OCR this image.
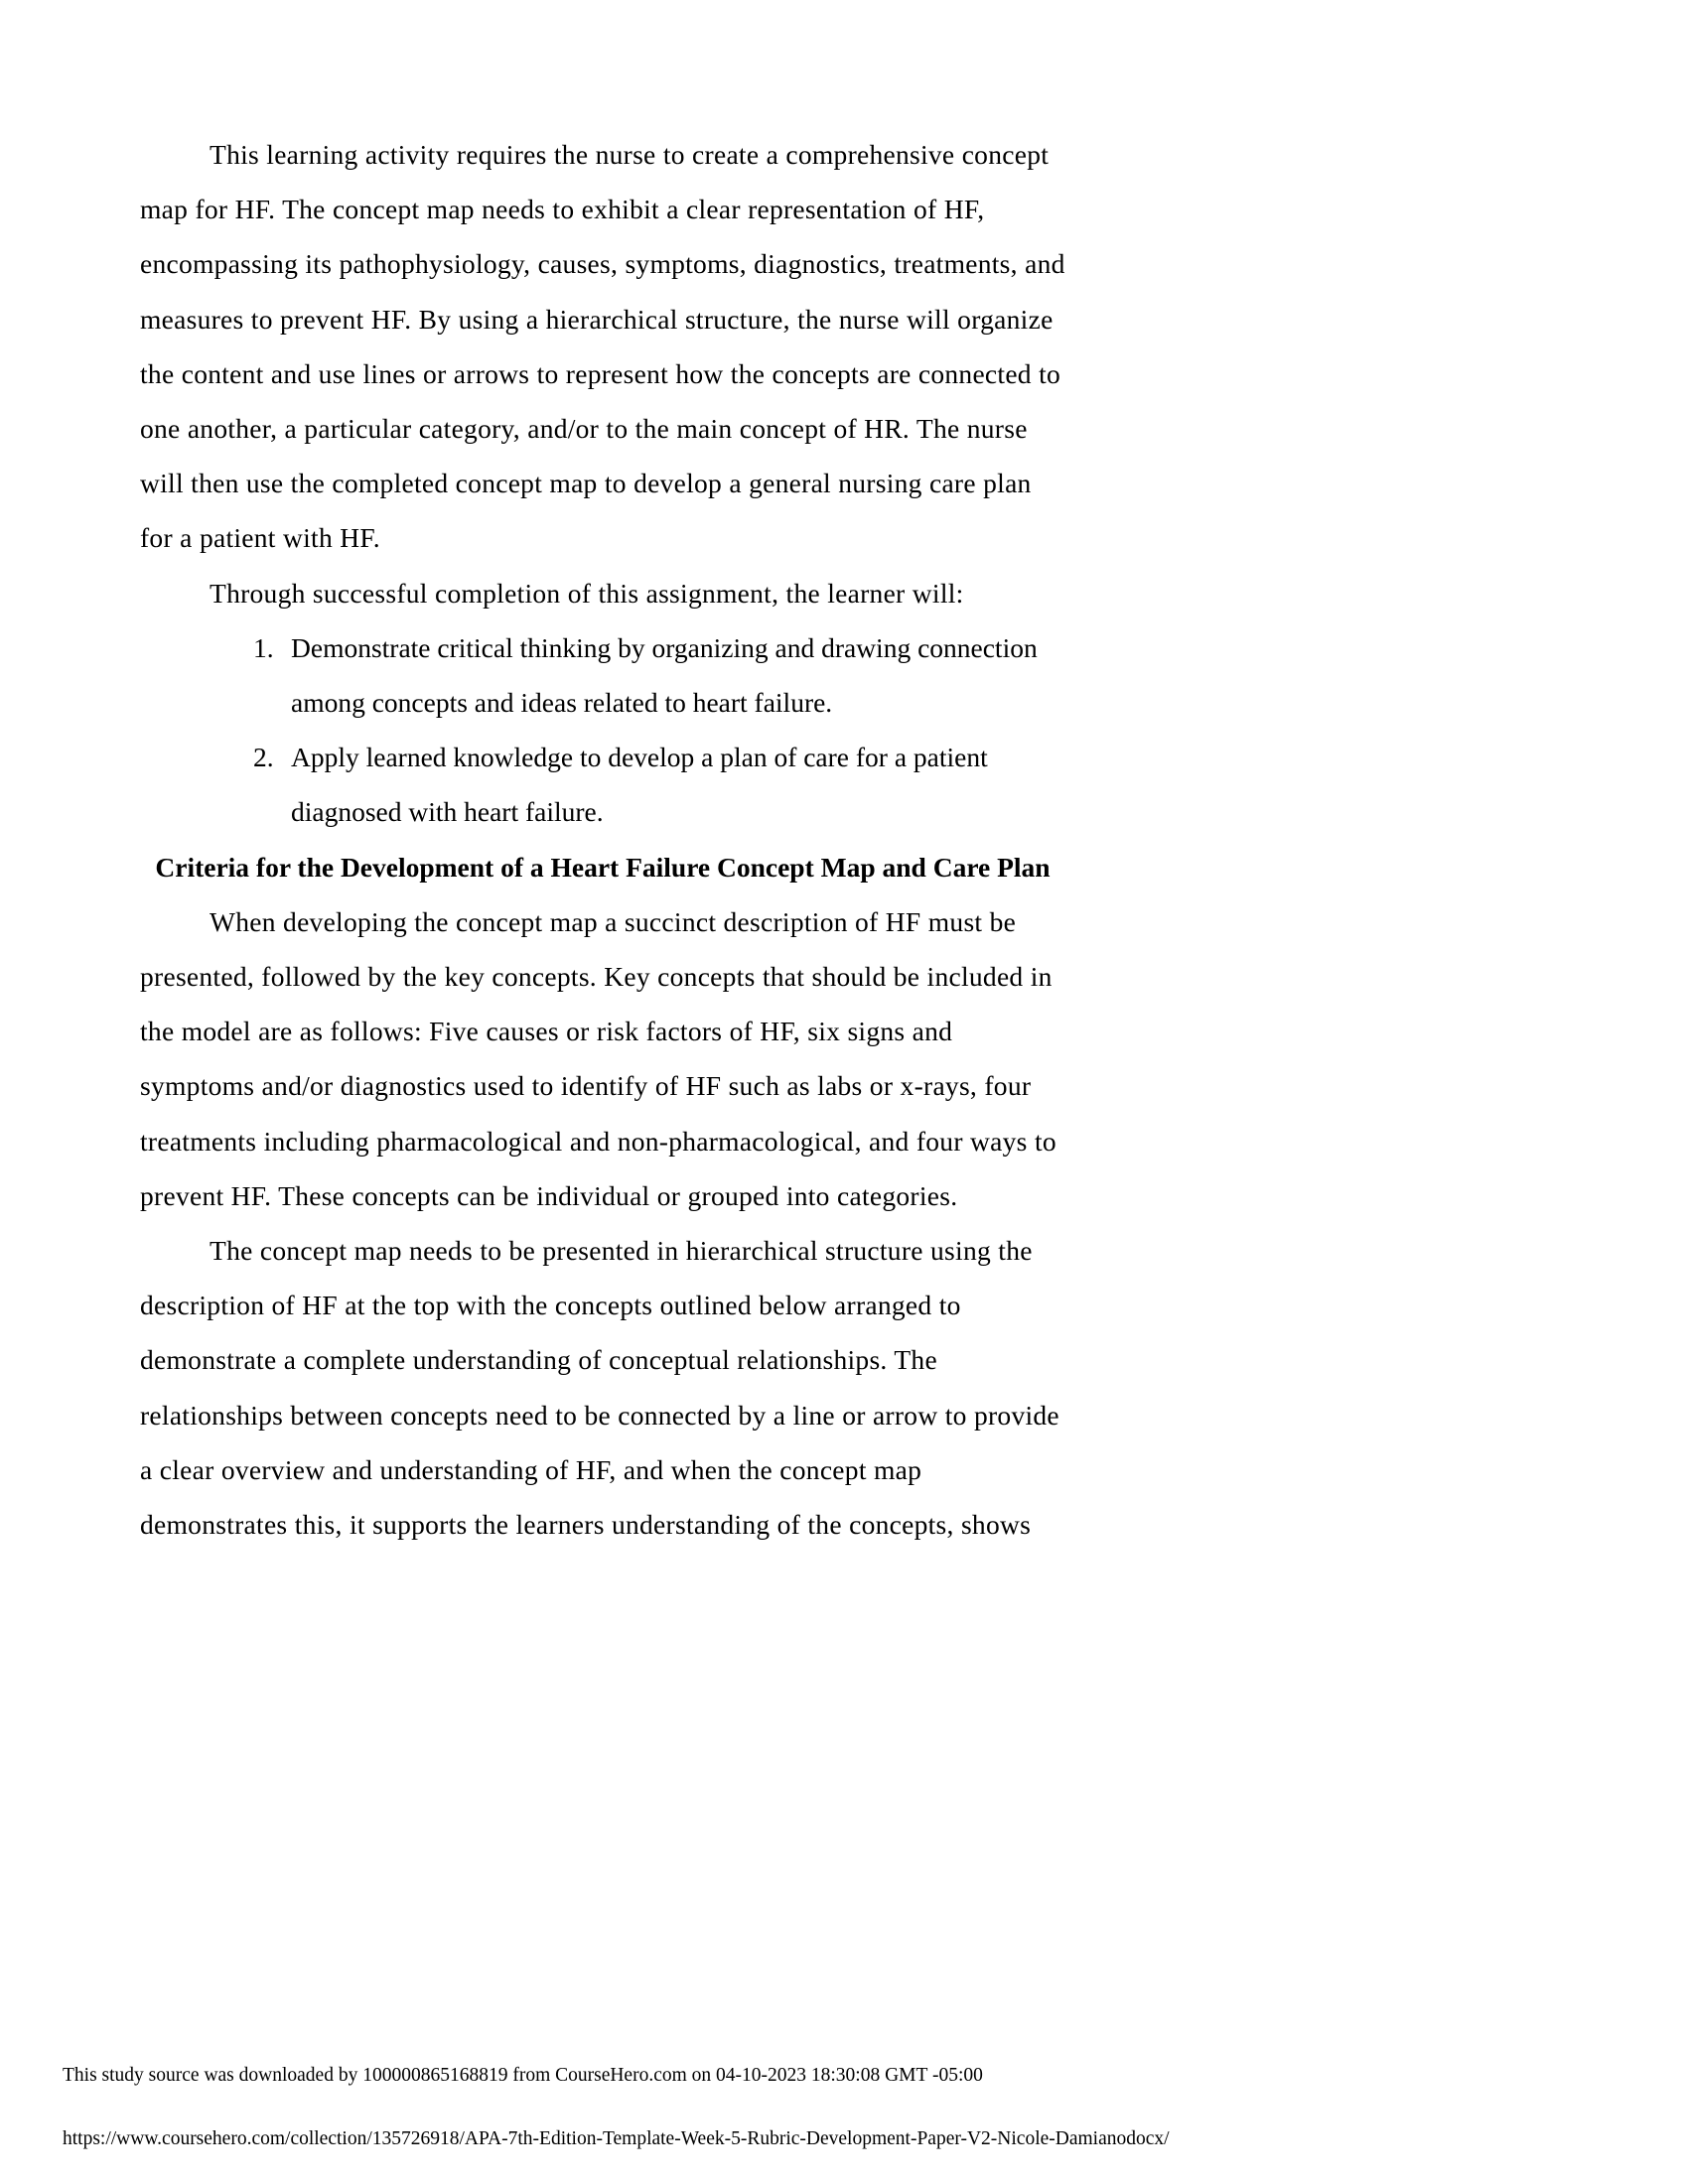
This learning activity requires the nurse to create a comprehensive concept map for HF. The concept map needs to exhibit a clear representation of HF, encompassing its pathophysiology, causes, symptoms, diagnostics, treatments, and measures to prevent HF. By using a hierarchical structure, the nurse will organize the content and use lines or arrows to represent how the concepts are connected to one another, a particular category, and/or to the main concept of HR. The nurse will then use the completed concept map to develop a general nursing care plan for a patient with HF.

Through successful completion of this assignment, the learner will:

1. Demonstrate critical thinking by organizing and drawing connection among concepts and ideas related to heart failure.
2. Apply learned knowledge to develop a plan of care for a patient diagnosed with heart failure.

Criteria for the Development of a Heart Failure Concept Map and Care Plan

When developing the concept map a succinct description of HF must be presented, followed by the key concepts. Key concepts that should be included in the model are as follows: Five causes or risk factors of HF, six signs and symptoms and/or diagnostics used to identify of HF such as labs or x-rays, four treatments including pharmacological and non-pharmacological, and four ways to prevent HF. These concepts can be individual or grouped into categories.

The concept map needs to be presented in hierarchical structure using the description of HF at the top with the concepts outlined below arranged to demonstrate a complete understanding of conceptual relationships. The relationships between concepts need to be connected by a line or arrow to provide a clear overview and understanding of HF, and when the concept map demonstrates this, it supports the learners understanding of the concepts, shows

This study source was downloaded by 100000865168819 from CourseHero.com on 04-10-2023 18:30:08 GMT -05:00
https://www.coursehero.com/collection/135726918/APA-7th-Edition-Template-Week-5-Rubric-Development-Paper-V2-Nicole-Damianodocx/
